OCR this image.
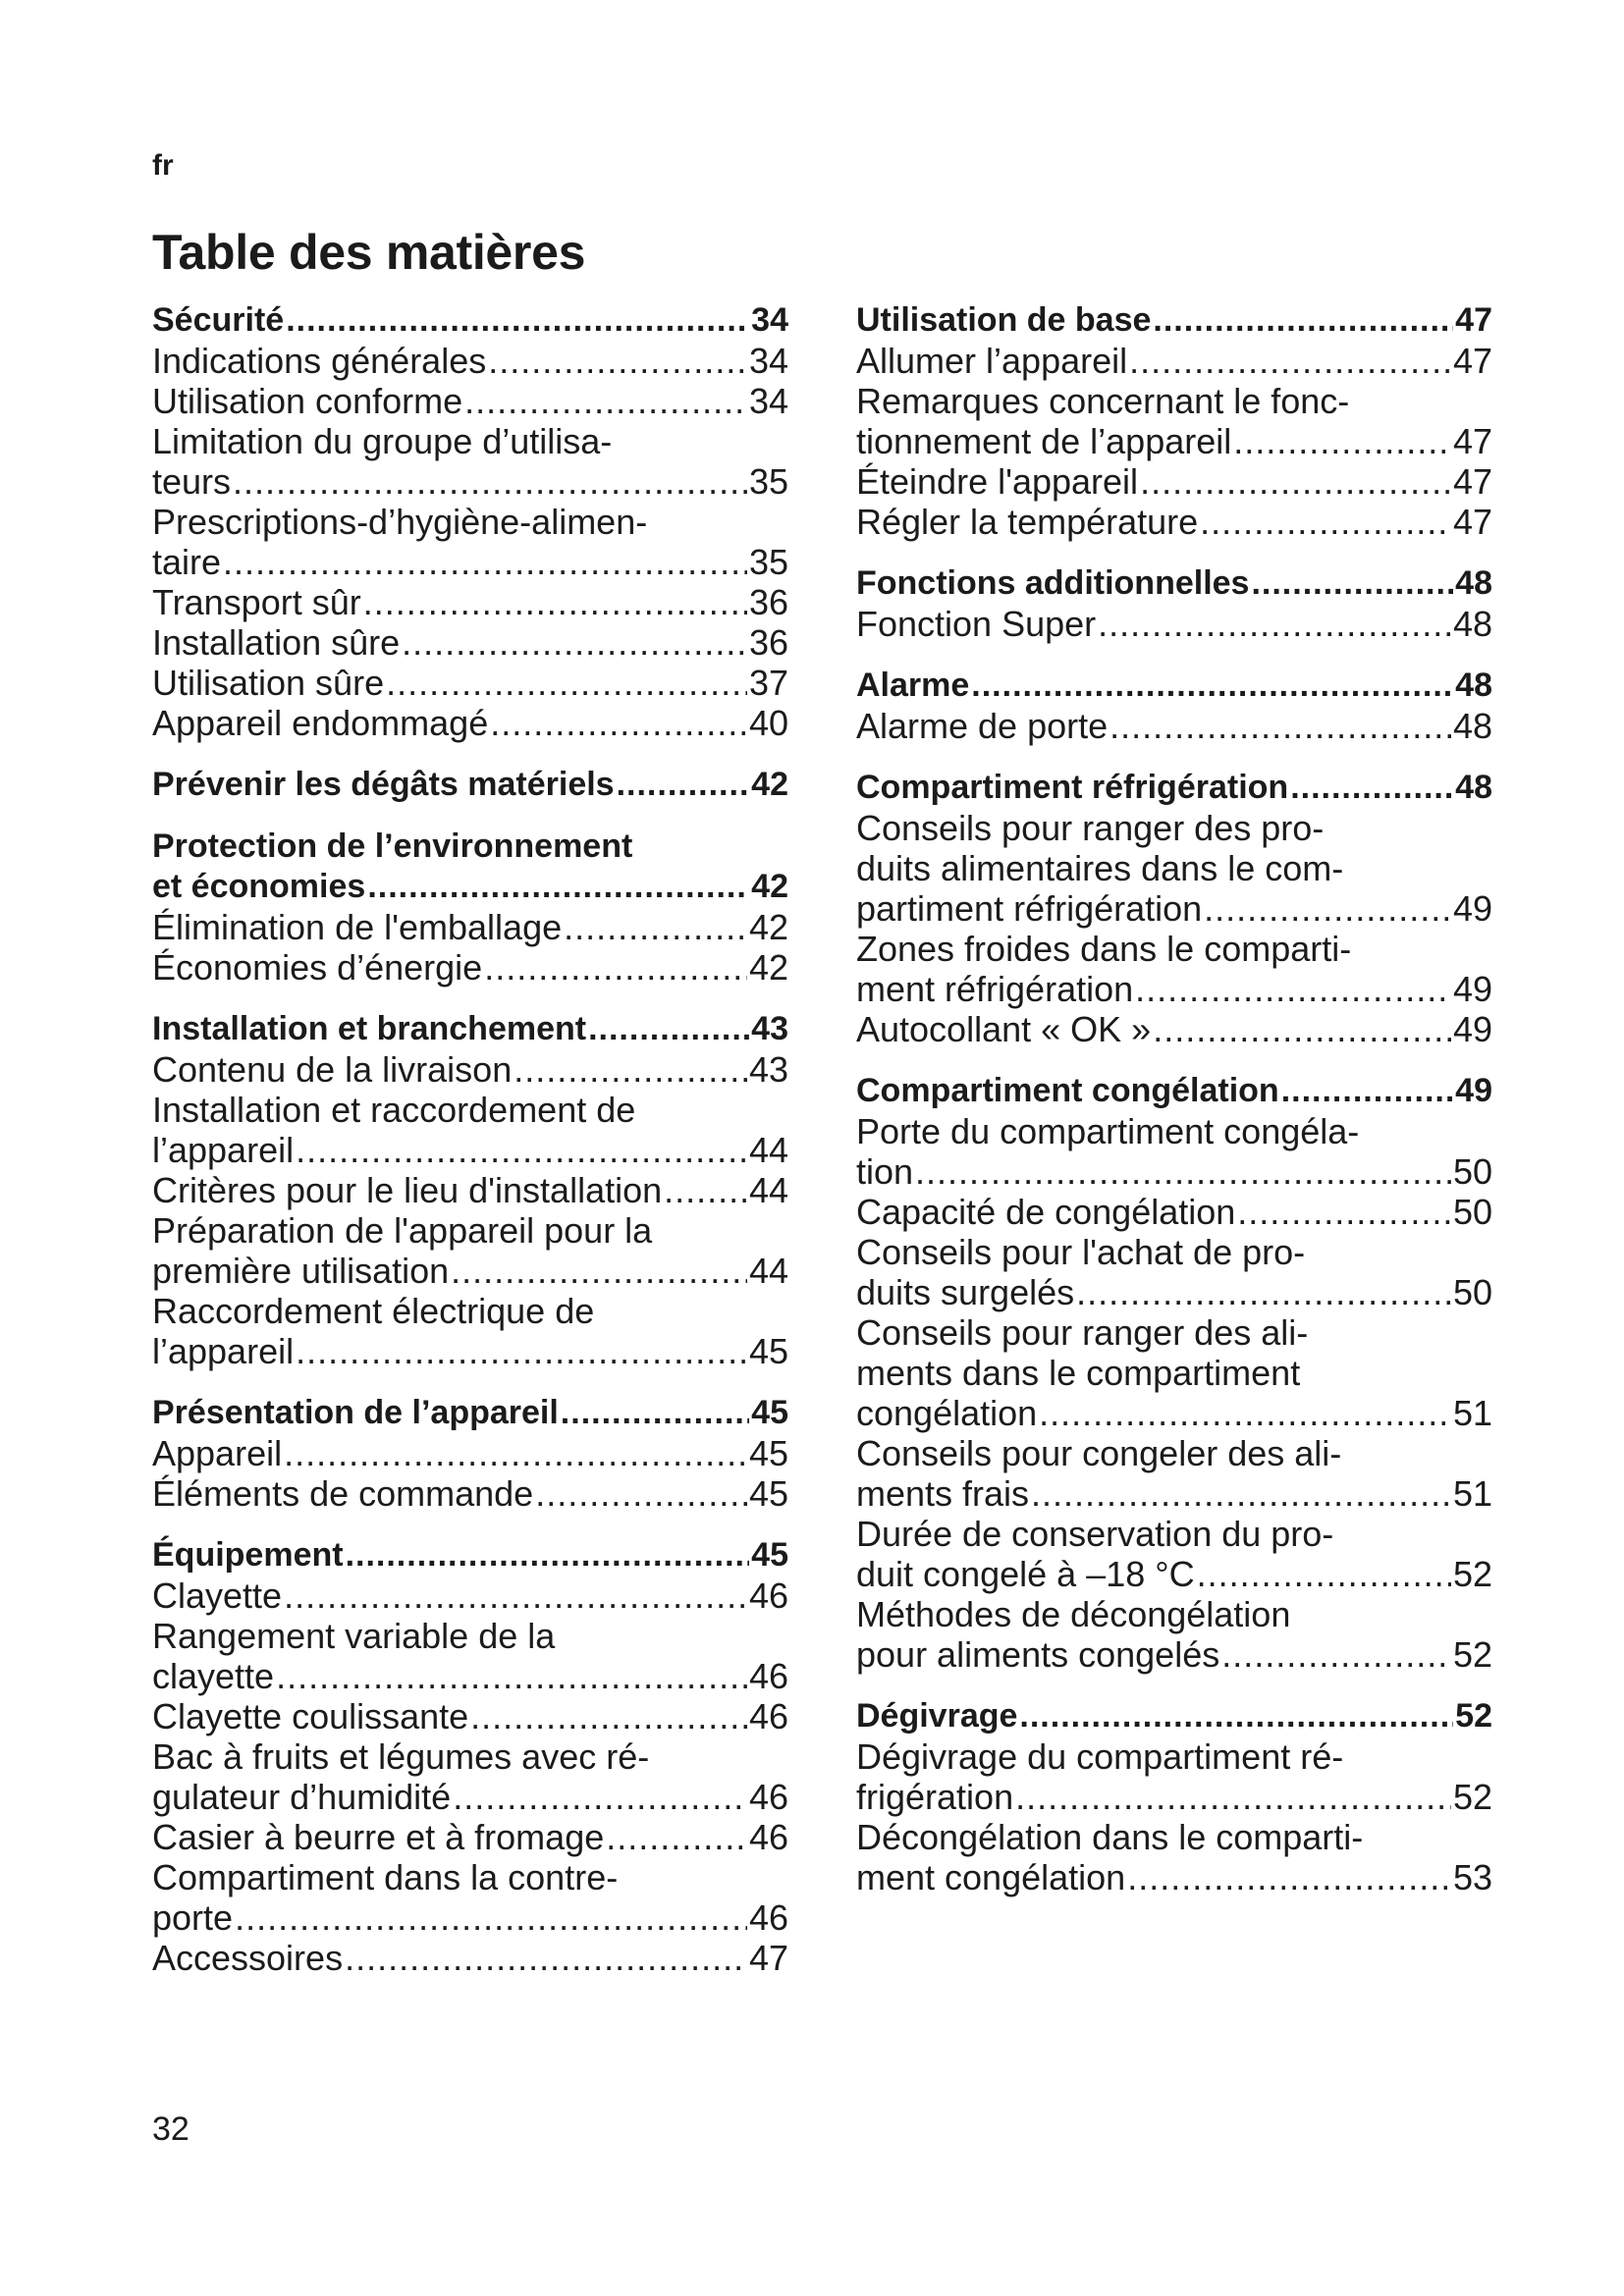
fr
Table des matières
Sécurité .....	34
Indications générales .....	34
Utilisation conforme .....	34
Limitation du groupe d’utilisa-
teurs .....	35
Prescriptions-d’hygiène-alimen-
taire .....	35
Transport sûr .....	36
Installation sûre .....	36
Utilisation sûre .....	37
Appareil endommagé .....	40
Prévenir les dégâts matériels .....	42
Protection de l’environnement
et économies .....	42
Élimination de l'emballage .....	42
Économies d’énergie .....	42
Installation et branchement .....	43
Contenu de la livraison .....	43
Installation et raccordement de
l’appareil .....	44
Critères pour le lieu d'installation ..... 44
Préparation de l'appareil pour la
première utilisation .....	44
Raccordement électrique de
l’appareil .....	45
Présentation de l’appareil .....	45
Appareil .....	45
Éléments de commande .....	45
Équipement .....	45
Clayette .....	46
Rangement variable de la
clayette .....	46
Clayette coulissante .....	46
Bac à fruits et légumes avec ré-
gulateur d’humidité .....	46
Casier à beurre et à fromage .....	46
Compartiment dans la contre-
porte .....	46
Accessoires .....	47
Utilisation de base .....	47
Allumer l’appareil .....	47
Remarques concernant le fonc-
tionnement de l’appareil .....	47
Éteindre l'appareil .....	47
Régler la température .....	47
Fonctions additionnelles .....	48
Fonction Super .....	48
Alarme .....	48
Alarme de porte .....	48
Compartiment réfrigération .....	48
Conseils pour ranger des pro-
duits alimentaires dans le com-
partiment réfrigération .....	49
Zones froides dans le comparti-
ment réfrigération .....	49
Autocollant « OK » .....	49
Compartiment congélation .....	49
Porte du compartiment congéla-
tion .....	50
Capacité de congélation .....	50
Conseils pour l'achat de pro-
duits surgelés .....	50
Conseils pour ranger des ali-
ments dans le compartiment
congélation .....	51
Conseils pour congeler des ali-
ments frais .....	51
Durée de conservation du pro-
duit congelé à –18 °C .....	52
Méthodes de décongélation
pour aliments congelés .....	52
Dégivrage .....	52
Dégivrage du compartiment ré-
frigération .....	52
Décongélation dans le comparti-
ment congélation .....	53
32
